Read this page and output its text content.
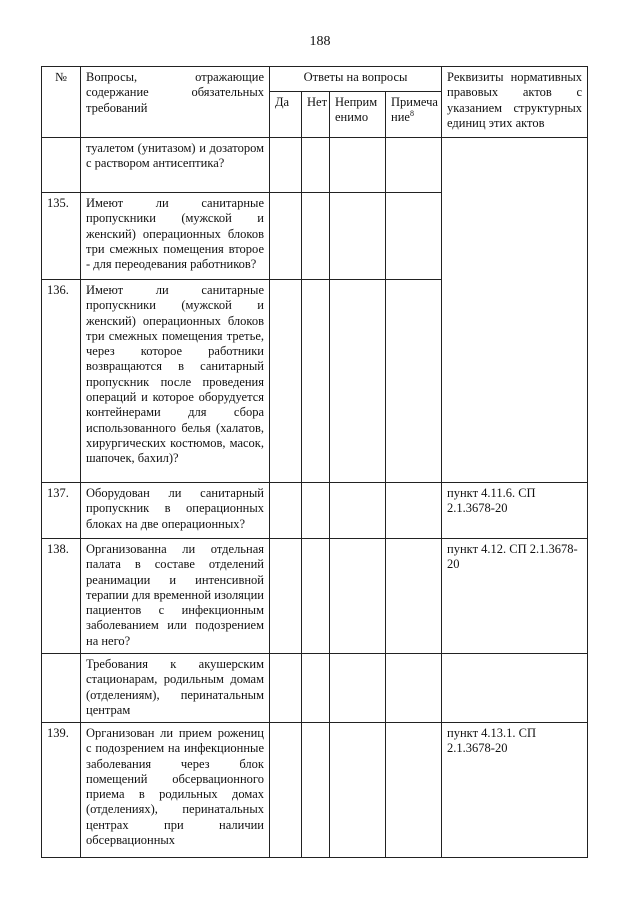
188
№	Вопросы, отражающие содержание обязательных требований	Ответы на вопросы				Реквизиты нормативных правовых актов с указанием структурных единиц этих актов
		Да	Нет	Неприм енимо	Примеча ние$^8$
	туалетом (унитазом) и дозатором с раствором антисептика?					
135.	Имеют ли санитарные пропускники (мужской и женский) операционных блоков три смежных помещения второе - для переодевания работников?					
136.	Имеют ли санитарные пропускники (мужской и женский) операционных блоков три смежных помещения третье, через которое работники возвращаются в санитарный пропускник после проведения операций и которое оборудуется контейнерами для сбора использованного белья (халатов, хирургических костюмов, масок, шапочек, бахил)?					
137.	Оборудован ли санитарный пропускник в операционных блоках на две операционных?					пункт 4.11.6. СП 2.1.3678-20
138.	Организованна ли отдельная палата в составе отделений реанимации и интенсивной терапии для временной изоляции пациентов с инфекционным заболеванием или подозрением на него?					пункт 4.12. СП 2.1.3678-20
	Требования к акушерским стационарам, родильным домам (отделениям), перинатальным центрам					
139.	Организован ли прием рожениц с подозрением на инфекционные заболевания через блок помещений обсервационного приема в родильных домах (отделениях), перинатальных центрах при наличии обсервационных					пункт 4.13.1. СП 2.1.3678-20
